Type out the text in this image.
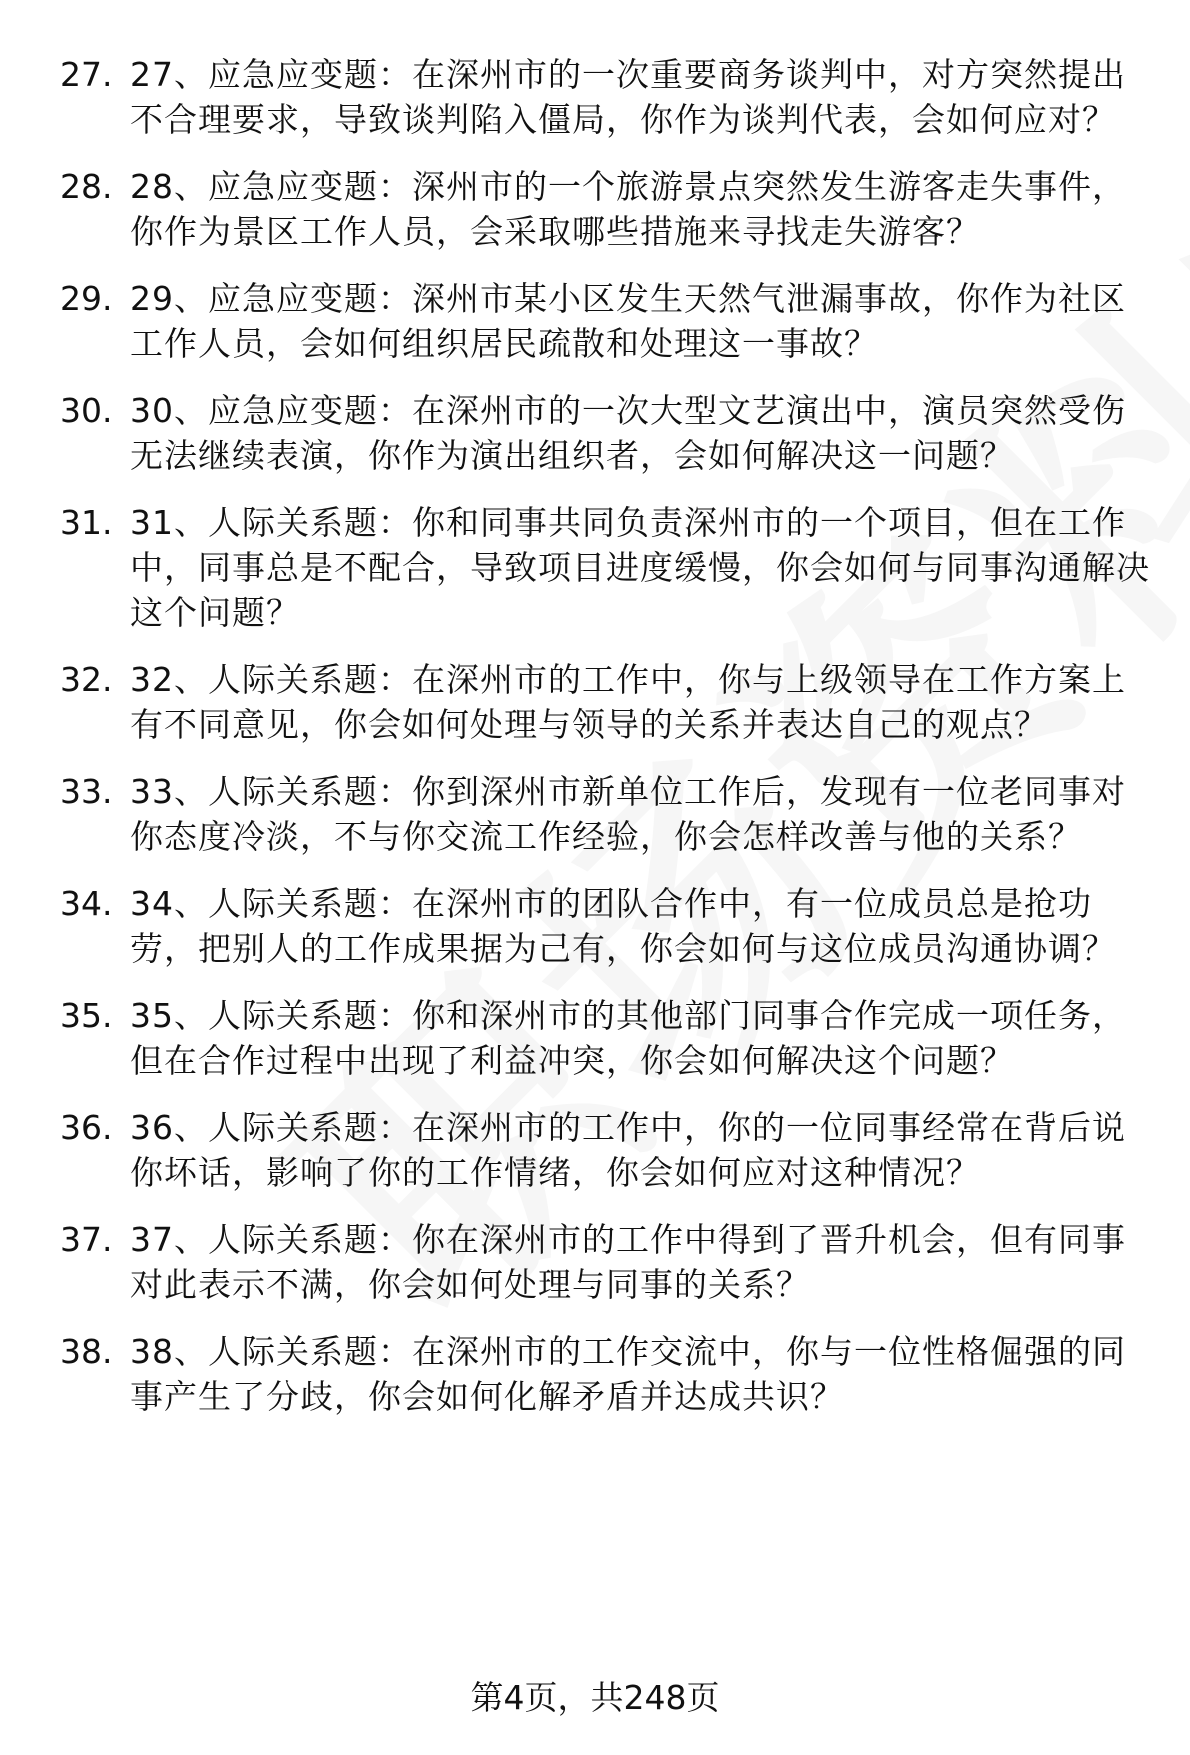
27. 27、应急应变题：在深州市的一次重要商务谈判中，对方突然提出不合理要求，导致谈判陷入僵局，你作为谈判代表，会如何应对？
28. 28、应急应变题：深州市的一个旅游景点突然发生游客走失事件，你作为景区工作人员，会采取哪些措施来寻找走失游客？
29. 29、应急应变题：深州市某小区发生天然气泄漏事故，你作为社区工作人员，会如何组织居民疏散和处理这一事故？
30. 30、应急应变题：在深州市的一次大型文艺演出中，演员突然受伤无法继续表演，你作为演出组织者，会如何解决这一问题？
31. 31、人际关系题：你和同事共同负责深州市的一个项目，但在工作中，同事总是不配合，导致项目进度缓慢，你会如何与同事沟通解决这个问题？
32. 32、人际关系题：在深州市的工作中，你与上级领导在工作方案上有不同意见，你会如何处理与领导的关系并表达自己的观点？
33. 33、人际关系题：你到深州市新单位工作后，发现有一位老同事对你态度冷淡，不与你交流工作经验，你会怎样改善与他的关系？
34. 34、人际关系题：在深州市的团队合作中，有一位成员总是抢功劳，把别人的工作成果据为己有，你会如何与这位成员沟通协调？
35. 35、人际关系题：你和深州市的其他部门同事合作完成一项任务，但在合作过程中出现了利益冲突，你会如何解决这个问题？
36. 36、人际关系题：在深州市的工作中，你的一位同事经常在背后说你坏话，影响了你的工作情绪，你会如何应对这种情况？
37. 37、人际关系题：你在深州市的工作中得到了晋升机会，但有同事对此表示不满，你会如何处理与同事的关系？
38. 38、人际关系题：在深州市的工作交流中，你与一位性格倔强的同事产生了分歧，你会如何化解矛盾并达成共识？
第4页，共248页
